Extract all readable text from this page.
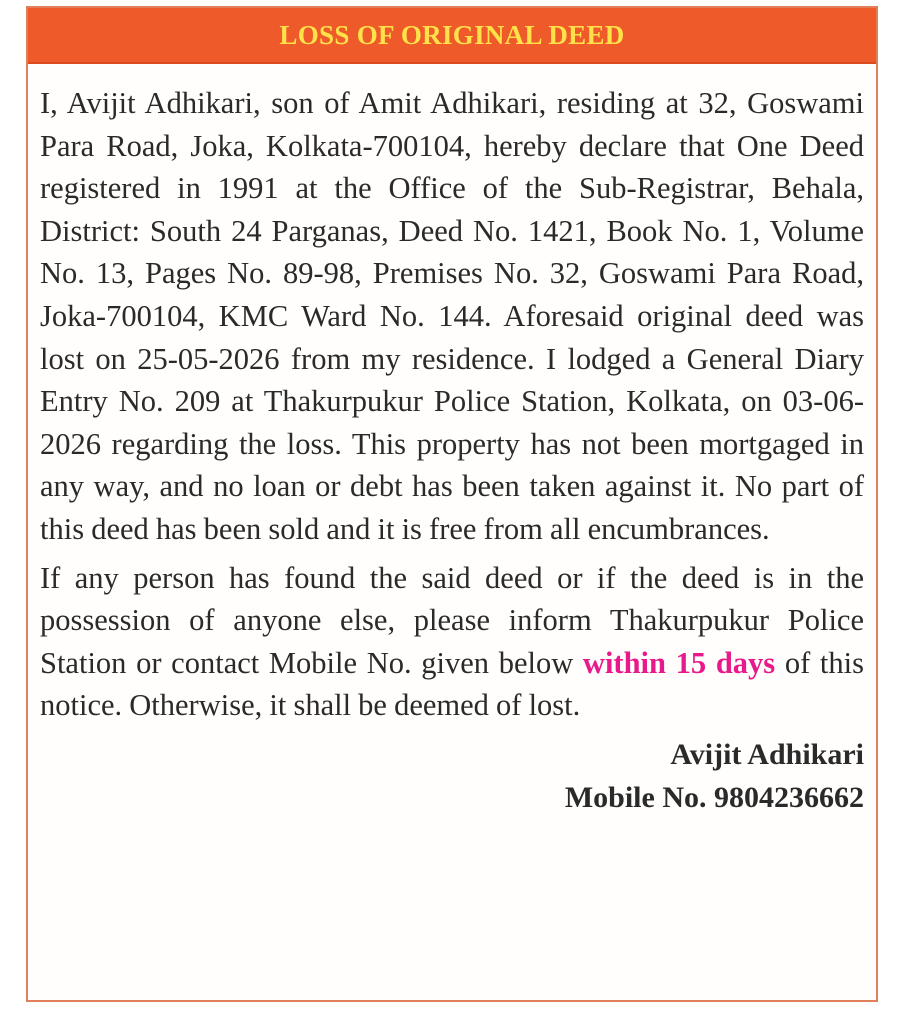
LOSS OF ORIGINAL DEED

I, Avijit Adhikari, son of Amit Adhikari, residing at 32, Goswami Para Road, Joka, Kolkata-700104, hereby declare that One Deed registered in 1991 at the Office of the Sub-Registrar, Behala, District: South 24 Parganas, Deed No. 1421, Book No. 1, Volume No. 13, Pages No. 89-98, Premises No. 32, Goswami Para Road, Joka-700104, KMC Ward No. 144. Aforesaid original deed was lost on 25-05-2026 from my residence. I lodged a General Diary Entry No. 209 at Thakurpukur Police Station, Kolkata, on 03-06-2026 regarding the loss. This property has not been mortgaged in any way, and no loan or debt has been taken against it. No part of this deed has been sold and it is free from all encumbrances.

If any person has found the said deed or if the deed is in the possession of anyone else, please inform Thakurpukur Police Station or contact Mobile No. given below within 15 days of this notice. Otherwise, it shall be deemed of lost.

Avijit Adhikari
Mobile No. 9804236662
